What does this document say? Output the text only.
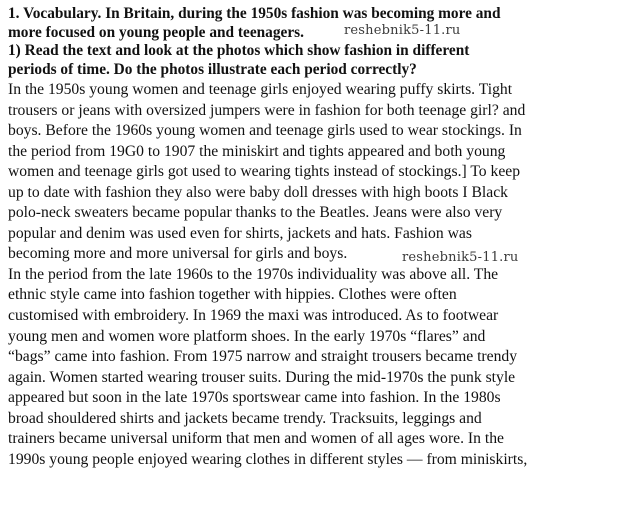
1. Vocabulary. In Britain, during the 1950s fashion was becoming more and
more focused on young people and teenagers.
1) Read the text and look at the photos which show fashion in different
periods of time. Do the photos illustrate each period correctly?
In the 1950s young women and teenage girls enjoyed wearing puffy skirts. Tight
trousers or jeans with oversized jumpers were in fashion for both teenage girl? and
boys. Before the 1960s young women and teenage girls used to wear stockings. In
the period from 19G0 to 1907 the miniskirt and tights appeared and both young
women and teenage girls got used to wearing tights instead of stockings.] To keep
up to date with fashion they also were baby doll dresses with high boots I Black
polo-neck sweaters became popular thanks to the Beatles. Jeans were also very
popular and denim was used even for shirts, jackets and hats. Fashion was
becoming more and more universal for girls and boys.
In the period from the late 1960s to the 1970s individuality was above all. The
ethnic style came into fashion together with hippies. Clothes were often
customised with embroidery. In 1969 the maxi was introduced. As to footwear
young men and women wore platform shoes. In the early 1970s “flares” and
“bags” came into fashion. From 1975 narrow and straight trousers became trendy
again. Women started wearing trouser suits. During the mid-1970s the punk style
appeared but soon in the late 1970s sportswear came into fashion. In the 1980s
broad shouldered shirts and jackets became trendy. Tracksuits, leggings and
trainers became universal uniform that men and women of all ages wore. In the
1990s young people enjoyed wearing clothes in different styles — from miniskirts,
reshebnik5-11.ru
reshebnik5-11.ru
